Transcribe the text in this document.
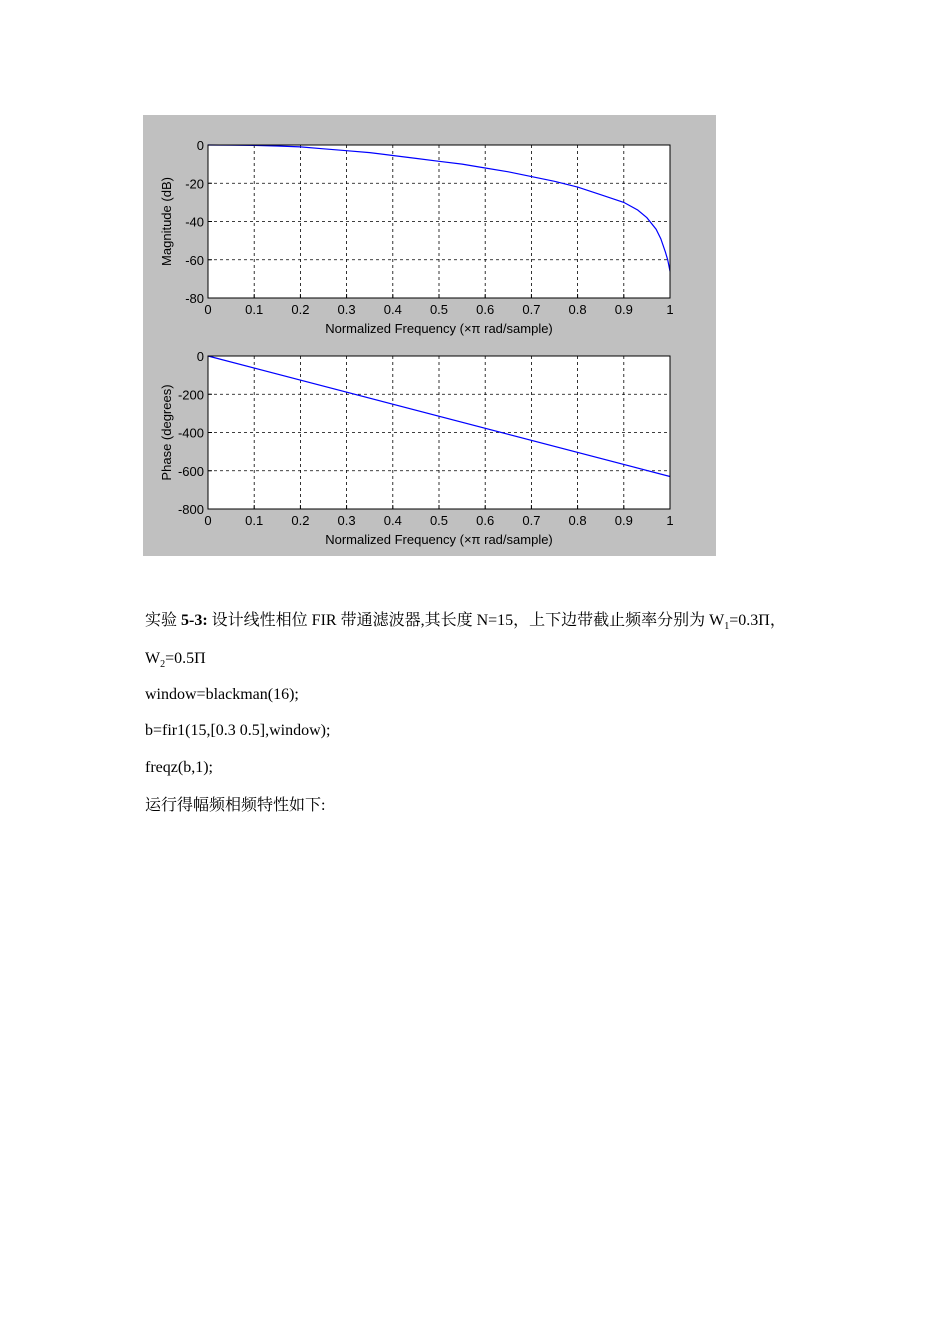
0	0.1 0.2 0.3 0.4 0.5 0.6 0.7 0.8 0.9	1
0
-20
-40
-60
-80
Normalized Frequency (×π rad/sample)
Magnitude (dB)
0	0.1 0.2 0.3 0.4 0.5 0.6 0.7 0.8 0.9	1
0
-200
-400
-600
-800
Normalized Frequency (×π rad/sample)
Phase (degrees)
实验 5-3: 设计线性相位 FIR 带通滤波器,其长度 N=15，上下边带截止频率分别为 $W_1=0.3\Pi$，
$W_2=0.5\Pi$
window=blackman(16);
b=fir1(15,[0.3 0.5],window);
freqz(b,1);
运行得幅频相频特性如下:
